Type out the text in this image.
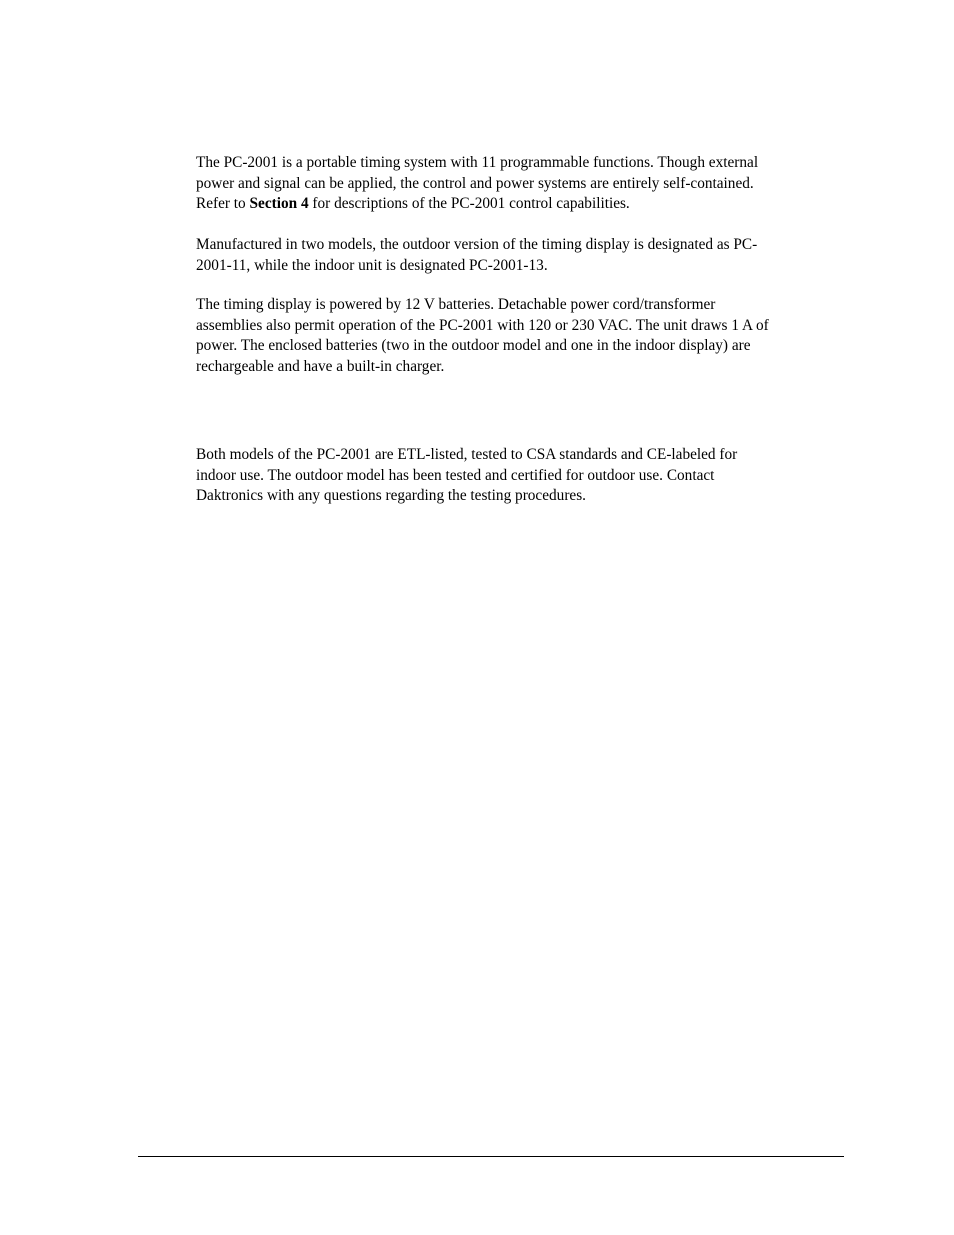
The PC-2001 is a portable timing system with 11 programmable functions. Though external
power and signal can be applied, the control and power systems are entirely self-contained.
Refer to Section 4 for descriptions of the PC-2001 control capabilities.

Manufactured in two models, the outdoor version of the timing display is designated as PC-
2001-11, while the indoor unit is designated PC-2001-13.

The timing display is powered by 12 V batteries. Detachable power cord/transformer
assemblies also permit operation of the PC-2001 with 120 or 230 VAC. The unit draws 1 A of
power. The enclosed batteries (two in the outdoor model and one in the indoor display) are
rechargeable and have a built-in charger.

Both models of the PC-2001 are ETL-listed, tested to CSA standards and CE-labeled for
indoor use. The outdoor model has been tested and certified for outdoor use. Contact
Daktronics with any questions regarding the testing procedures.
